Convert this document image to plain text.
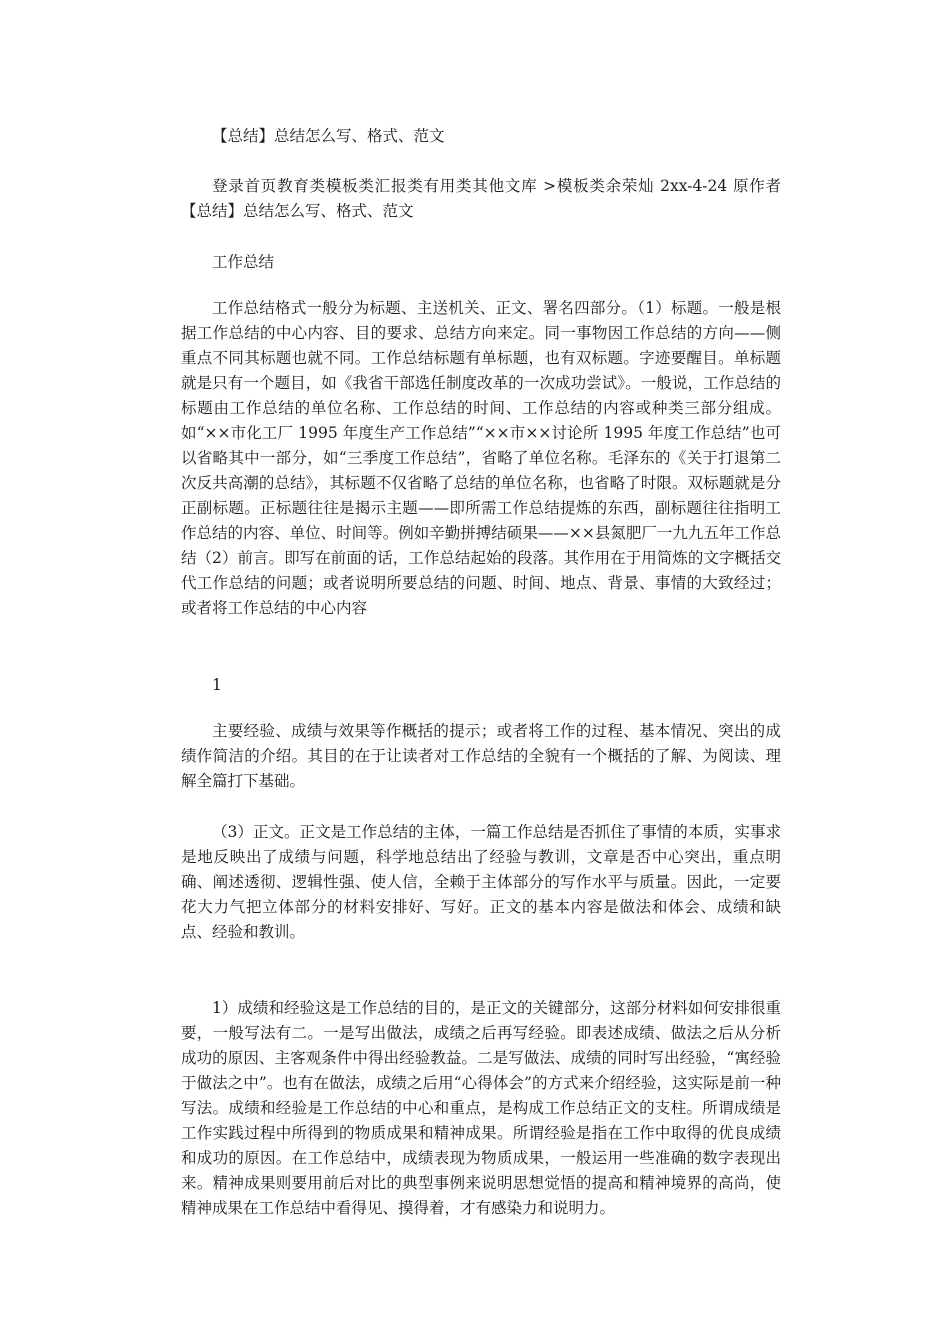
【总结】总结怎么写、格式、范文

登录首页教育类模板类汇报类有用类其他文库 >模板类余荣灿 2xx-4-24 原作者【总结】总结怎么写、格式、范文

工作总结

工作总结格式一般分为标题、主送机关、正文、署名四部分。（1）标题。一般是根据工作总结的中心内容、目的要求、总结方向来定。同一事物因工作总结的方向——侧重点不同其标题也就不同。工作总结标题有单标题，也有双标题。字迹要醒目。单标题就是只有一个题目，如《我省干部选任制度改革的一次成功尝试》。一般说，工作总结的标题由工作总结的单位名称、工作总结的时间、工作总结的内容或种类三部分组成。如“××市化工厂 1995 年度生产工作总结”“××市××讨论所 1995 年度工作总结”也可以省略其中一部分，如“三季度工作总结”，省略了单位名称。毛泽东的《关于打退第二次反共高潮的总结》，其标题不仅省略了总结的单位名称，也省略了时限。双标题就是分正副标题。正标题往往是揭示主题——即所需工作总结提炼的东西，副标题往往指明工作总结的内容、单位、时间等。例如辛勤拼搏结硕果——××县氮肥厂一九九五年工作总结（2）前言。即写在前面的话，工作总结起始的段落。其作用在于用简炼的文字概括交代工作总结的问题；或者说明所要总结的问题、时间、地点、背景、事情的大致经过；或者将工作总结的中心内容

1

主要经验、成绩与效果等作概括的提示；或者将工作的过程、基本情况、突出的成绩作简洁的介绍。其目的在于让读者对工作总结的全貌有一个概括的了解、为阅读、理解全篇打下基础。

（3）正文。正文是工作总结的主体，一篇工作总结是否抓住了事情的本质，实事求是地反映出了成绩与问题，科学地总结出了经验与教训，文章是否中心突出，重点明确、阐述透彻、逻辑性强、使人信，全赖于主体部分的写作水平与质量。因此，一定要花大力气把立体部分的材料安排好、写好。正文的基本内容是做法和体会、成绩和缺点、经验和教训。

1）成绩和经验这是工作总结的目的，是正文的关键部分，这部分材料如何安排很重要，一般写法有二。一是写出做法，成绩之后再写经验。即表述成绩、做法之后从分析成功的原因、主客观条件中得出经验教益。二是写做法、成绩的同时写出经验，“寓经验于做法之中”。也有在做法，成绩之后用“心得体会”的方式来介绍经验，这实际是前一种写法。成绩和经验是工作总结的中心和重点，是构成工作总结正文的支柱。所谓成绩是工作实践过程中所得到的物质成果和精神成果。所谓经验是指在工作中取得的优良成绩和成功的原因。在工作总结中，成绩表现为物质成果，一般运用一些准确的数字表现出来。精神成果则要用前后对比的典型事例来说明思想觉悟的提高和精神境界的高尚，使精神成果在工作总结中看得见、摸得着，才有感染力和说明力。
